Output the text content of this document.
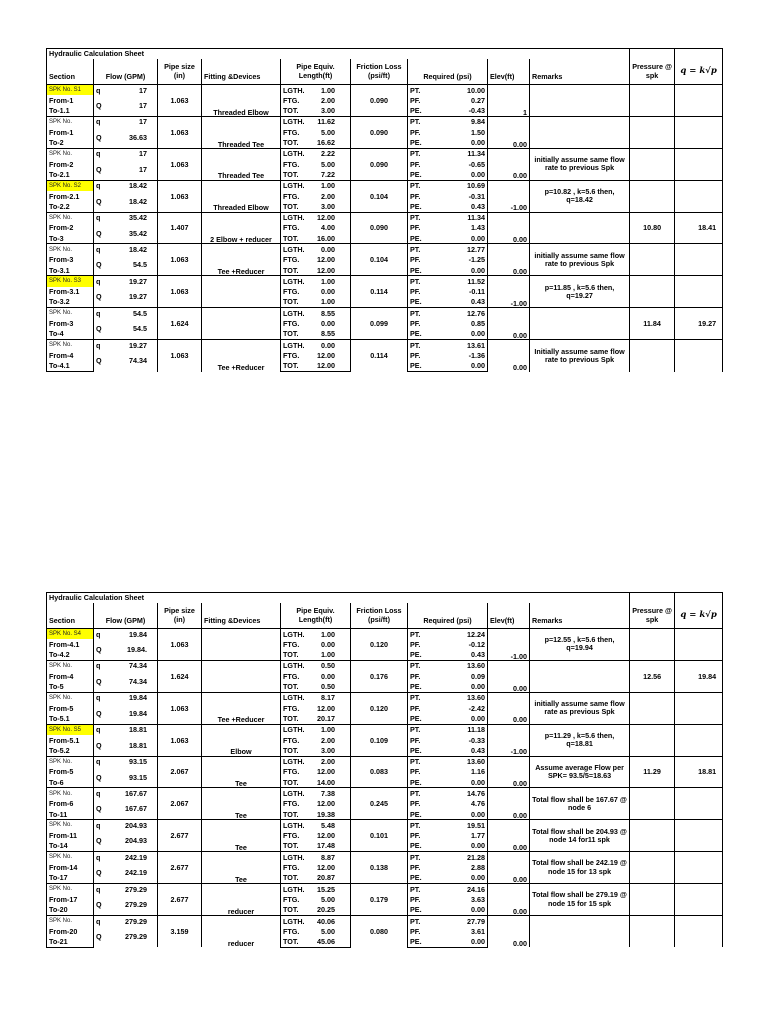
Hydraulic Calculation Sheet										
		Pipe size (in)		Pipe Equiv. Length(ft)	Friction Loss (psi/ft)				Pressure @ spk	q = k√p
Section	Flow (GPM)		Fitting &Devices			Required (psi)	Elev(ft)	Remarks		
SPK No. S1	q 17	1.063	Threaded Elbow	LGTH. 1.00	0.090	PT. 10.00	1			
From-1	Q 17			FTG. 2.00		PF. 0.27				

To-1.1				TOT. 3.00		PE. -0.43				

SPK No.	q 17	1.063	Threaded Tee	LGTH. 11.62	0.090	PT. 9.84	0.00			
From-1	Q 36.63			FTG. 5.00		PF. 1.50				

To-2				TOT. 16.62		PE. 0.00				

SPK No.	q 17	1.063	Threaded Tee	LGTH. 2.22	0.090	PT. 11.34	0.00	initially assume same flow rate to previous Spk		
From-2	Q 17			FTG. 5.00		PF. -0.65				

To-2.1				TOT. 7.22		PE. 0.00				

SPK No. S2	q 18.42	1.063	Threaded Elbow	LGTH. 1.00	0.104	PT. 10.69	-1.00	p=10.82 , k=5.6 then, q=18.42		
From-2.1	Q 18.42			FTG. 2.00		PF. -0.31				

To-2.2				TOT. 3.00		PE. 0.43				

SPK No.	q 35.42	1.407	2 Elbow + reducer	LGTH. 12.00	0.090	PT. 11.34	0.00		10.80	18.41
From-2	Q 35.42			FTG. 4.00		PF. 1.43				

To-3				TOT. 16.00		PE. 0.00				

SPK No.	q 18.42	1.063	Tee +Reducer	LGTH. 0.00	0.104	PT. 12.77	0.00	initially assume same flow rate to previous Spk		
From-3	Q 54.5			FTG. 12.00		PF. -1.25				

To-3.1				TOT. 12.00		PE. 0.00				

SPK No. S3	q 19.27	1.063		LGTH. 1.00	0.114	PT. 11.52	-1.00	p=11.85 , k=5.6 then, q=19.27		
From-3.1	Q 19.27			FTG. 0.00		PF. -0.11				

To-3.2				TOT. 1.00		PE. 0.43				

SPK No.	q 54.5	1.624		LGTH. 8.55	0.099	PT. 12.76	0.00		11.84	19.27
From-3	Q 54.5			FTG. 0.00		PF. 0.85				

To-4				TOT. 8.55		PE. 0.00				

SPK No.	q 19.27	1.063	Tee +Reducer	LGTH. 0.00	0.114	PT. 13.61	0.00	Initially assume same flow rate to previous Spk		
From-4	Q 74.34			FTG. 12.00		PF. -1.36				

To-4.1				TOT. 12.00		PE. 0.00				
Hydraulic Calculation Sheet										
		Pipe size (in)		Pipe Equiv. Length(ft)	Friction Loss (psi/ft)				Pressure @ spk	q = k√p
Section	Flow (GPM)		Fitting &Devices			Required (psi)	Elev(ft)	Remarks		
SPK No. S4	q 19.84	1.063		LGTH. 1.00	0.120	PT. 12.24	-1.00	p=12.55 , k=5.6 then, q=19.94		
From-4.1	Q 19.84.			FTG. 0.00		PF. -0.12				

To-4.2				TOT. 1.00		PE. 0.43				

SPK No.	q 74.34	1.624		LGTH. 0.50	0.176	PT. 13.60	0.00		12.56	19.84
From-4	Q 74.34			FTG. 0.00		PF. 0.09				

To-5				TOT. 0.50		PE. 0.00				

SPK No.	q 19.84	1.063	Tee +Reducer	LGTH. 8.17	0.120	PT. 13.60	0.00	initially assume same flow rate as previous Spk		
From-5	Q 19.84			FTG. 12.00		PF. -2.42				

To-5.1				TOT. 20.17		PE. 0.00				

SPK No. S5	q 18.81	1.063	Elbow	LGTH. 1.00	0.109	PT. 11.18	-1.00	p=11.29 , k=5.6 then, q=18.81		
From-5.1	Q 18.81			FTG. 2.00		PF. -0.33				

To-5.2				TOT. 3.00		PE. 0.43				

SPK No.	q 93.15	2.067	Tee	LGTH. 2.00	0.083	PT. 13.60	0.00	Assume average Flow per SPK= 93.5/5=18.63	11.29	18.81
From-5	Q 93.15			FTG. 12.00		PF. 1.16				

To-6				TOT. 14.00		PE. 0.00				

SPK No.	q 167.67	2.067	Tee	LGTH. 7.38	0.245	PT. 14.76	0.00	Total flow shall be 167.67 @ node 6		
From-6	Q 167.67			FTG. 12.00		PF. 4.76				

To-11				TOT. 19.38		PE. 0.00				

SPK No.	q 204.93	2.677	Tee	LGTH. 5.48	0.101	PT. 19.51	0.00	Total flow shall be 204.93 @ node 14 for11 spk		
From-11	Q 204.93			FTG. 12.00		PF. 1.77				

To-14				TOT. 17.48		PE. 0.00				

SPK No.	q 242.19	2.677	Tee	LGTH. 8.87	0.138	PT. 21.28	0.00	Total flow shall be 242.19 @ node 15 for 13 spk		
From-14	Q 242.19			FTG. 12.00		PF. 2.88				

To-17				TOT. 20.87		PE. 0.00				

SPK No.	q 279.29	2.677	reducer	LGTH. 15.25	0.179	PT. 24.16	0.00	Total flow shall be 279.19 @ node 15 for 15 spk		
From-17	Q 279.29			FTG. 5.00		PF. 3.63				

To-20				TOT. 20.25		PE. 0.00				

SPK No.	q 279.29	3.159	reducer	LGTH. 40.06	0.080	PT. 27.79	0.00			
From-20	Q 279.29			FTG. 5.00		PF. 3.61				

To-21				TOT. 45.06		PE. 0.00				
